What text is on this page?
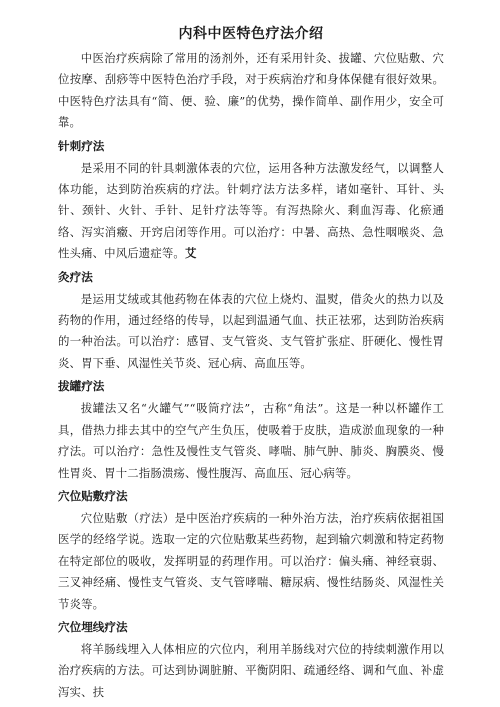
内科中医特色疗法介绍

中医治疗疾病除了常用的汤剂外，还有采用针灸、拔罐、穴位贴敷、穴位按摩、刮痧等中医特色治疗手段，对于疾病治疗和身体保健有很好效果。中医特色疗法具有“简、便、验、廉”的优势，操作简单、副作用少，安全可靠。

针刺疗法

是采用不同的针具刺激体表的穴位，运用各种方法激发经气，以调整人体功能，达到防治疾病的疗法。针刺疗法方法多样，诸如毫针、耳针、头针、颈针、火针、手针、足针疗法等等。有泻热除火、剩血泻毒、化瘀通络、泻实消癥、开窍启闭等作用。可以治疗：中暑、高热、急性咽喉炎、急性头痛、中风后遗症等。艾

灸疗法

是运用艾绒或其他药物在体表的穴位上烧灼、温熨，借灸火的热力以及药物的作用，通过经络的传导，以起到温通气血、扶正祛邪，达到防治疾病的一种治法。可以治疗：感冒、支气管炎、支气管扩张症、肝硬化、慢性胃炎、胃下垂、风湿性关节炎、冠心病、高血压等。

拔罐疗法

拔罐法又名“火罐气”“吸筒疗法”，古称“角法”。这是一种以杯罐作工具，借热力排去其中的空气产生负压，使吸着于皮肤，造成淤血现象的一种疗法。可以治疗：急性及慢性支气管炎、哮喘、肺气肿、肺炎、胸膜炎、慢性胃炎、胃十二指肠溃疡、慢性腹泻、高血压、冠心病等。

穴位贴敷疗法

穴位贴敷（疗法）是中医治疗疾病的一种外治方法，治疗疾病依据祖国医学的经络学说。选取一定的穴位贴敷某些药物，起到输穴刺激和特定药物在特定部位的吸收，发挥明显的药理作用。可以治疗：偏头痛、神经衰弱、三叉神经痛、慢性支气管炎、支气管哮喘、糖尿病、慢性结肠炎、风湿性关节炎等。

穴位埋线疗法

将羊肠线埋入人体相应的穴位内，利用羊肠线对穴位的持续刺激作用以治疗疾病的方法。可达到协调脏腑、平衡阴阳、疏通经络、调和气血、补虚泻实、扶
